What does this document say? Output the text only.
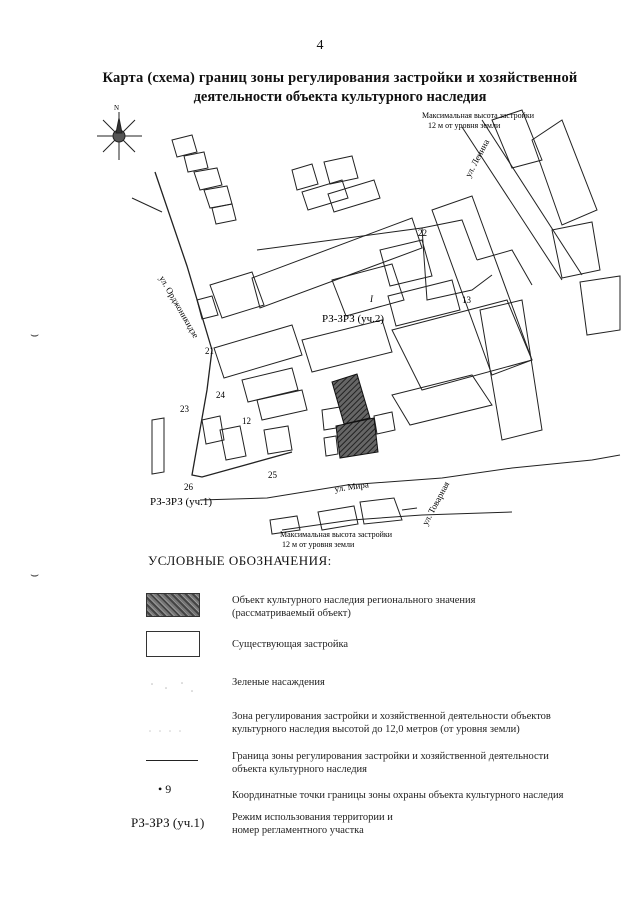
4
Карта (схема) границ зоны регулирования застройки и хозяйственной
деятельности объекта культурного наследия
⌣
⌣
N
Максимальная высота застройки
12 м от уровня земли
ул. Ленина
ул. Орджоникидзе
ул. Мира	ул. Товарная
РЗ-ЗРЗ (уч.2)
РЗ-ЗРЗ (уч.1)
I
22
13
21
24
23
12
26
25
Максимальная высота застройки
12 м от уровня земли
УСЛОВНЫЕ ОБОЗНАЧЕНИЯ:
Объект культурного наследия регионального значения
(рассматриваемый объект)
Существующая застройка
Зеленые насаждения
Зона регулирования застройки и хозяйственной деятельности объектов
культурного наследия высотой до 12,0 метров (от уровня земли)
Граница зоны регулирования застройки и хозяйственной деятельности
объекта культурного наследия
• 9	Координатные точки границы зоны охраны объекта культурного наследия
РЗ-ЗРЗ (уч.1)	Режим использования территории и
номер регламентного участка
